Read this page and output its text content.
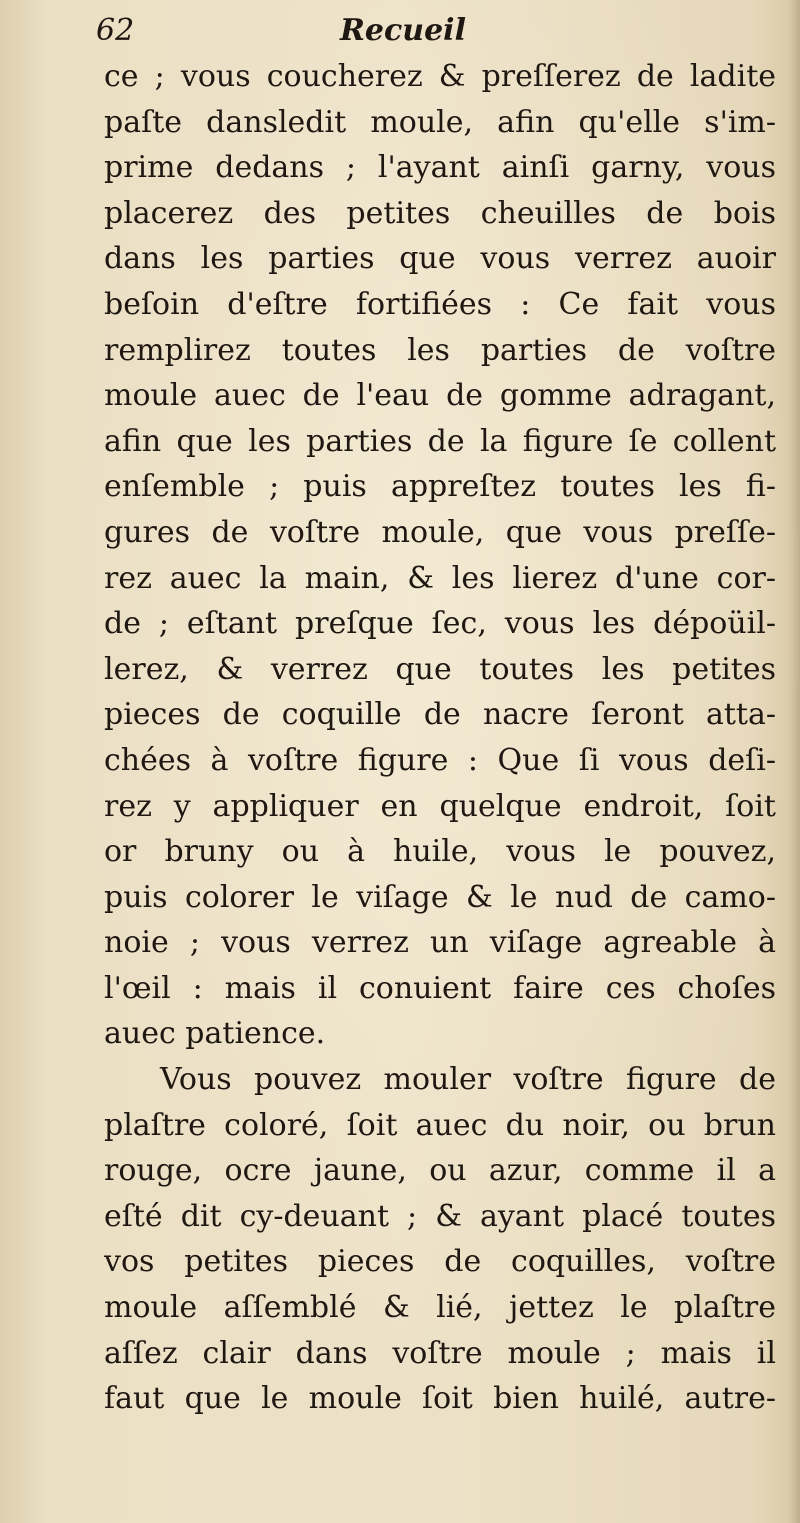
62	Recueil
ce ; vous coucherez & preſſerez de ladite
paſte dansledit moule, afin qu'elle s'im-
prime dedans ; l'ayant ainſi garny, vous
placerez des petites cheuilles de bois
dans les parties que vous verrez auoir
beſoin d'eſtre fortifiées : Ce fait vous
remplirez toutes les parties de voſtre
moule auec de l'eau de gomme adragant,
afin que les parties de la figure ſe collent
enſemble ; puis appreſtez toutes les fi-
gures de voſtre moule, que vous preſſe-
rez auec la main, & les lierez d'une cor-
de ; eſtant preſque ſec, vous les dépoüil-
lerez, & verrez que toutes les petites
pieces de coquille de nacre ſeront atta-
chées à voſtre figure : Que ſi vous deſi-
rez y appliquer en quelque endroit, ſoit
or bruny ou à huile, vous le pouvez,
puis colorer le viſage & le nud de camo-
noie ; vous verrez un viſage agreable à
l'œil : mais il conuient faire ces choſes
auec patience.
Vous pouvez mouler voſtre figure de
plaſtre coloré, ſoit auec du noir, ou brun
rouge, ocre jaune, ou azur, comme il a
eſté dit cy-deuant ; & ayant placé toutes
vos petites pieces de coquilles, voſtre
moule aſſemblé & lié, jettez le plaſtre
aſſez clair dans voſtre moule ; mais il
faut que le moule ſoit bien huilé, autre-
